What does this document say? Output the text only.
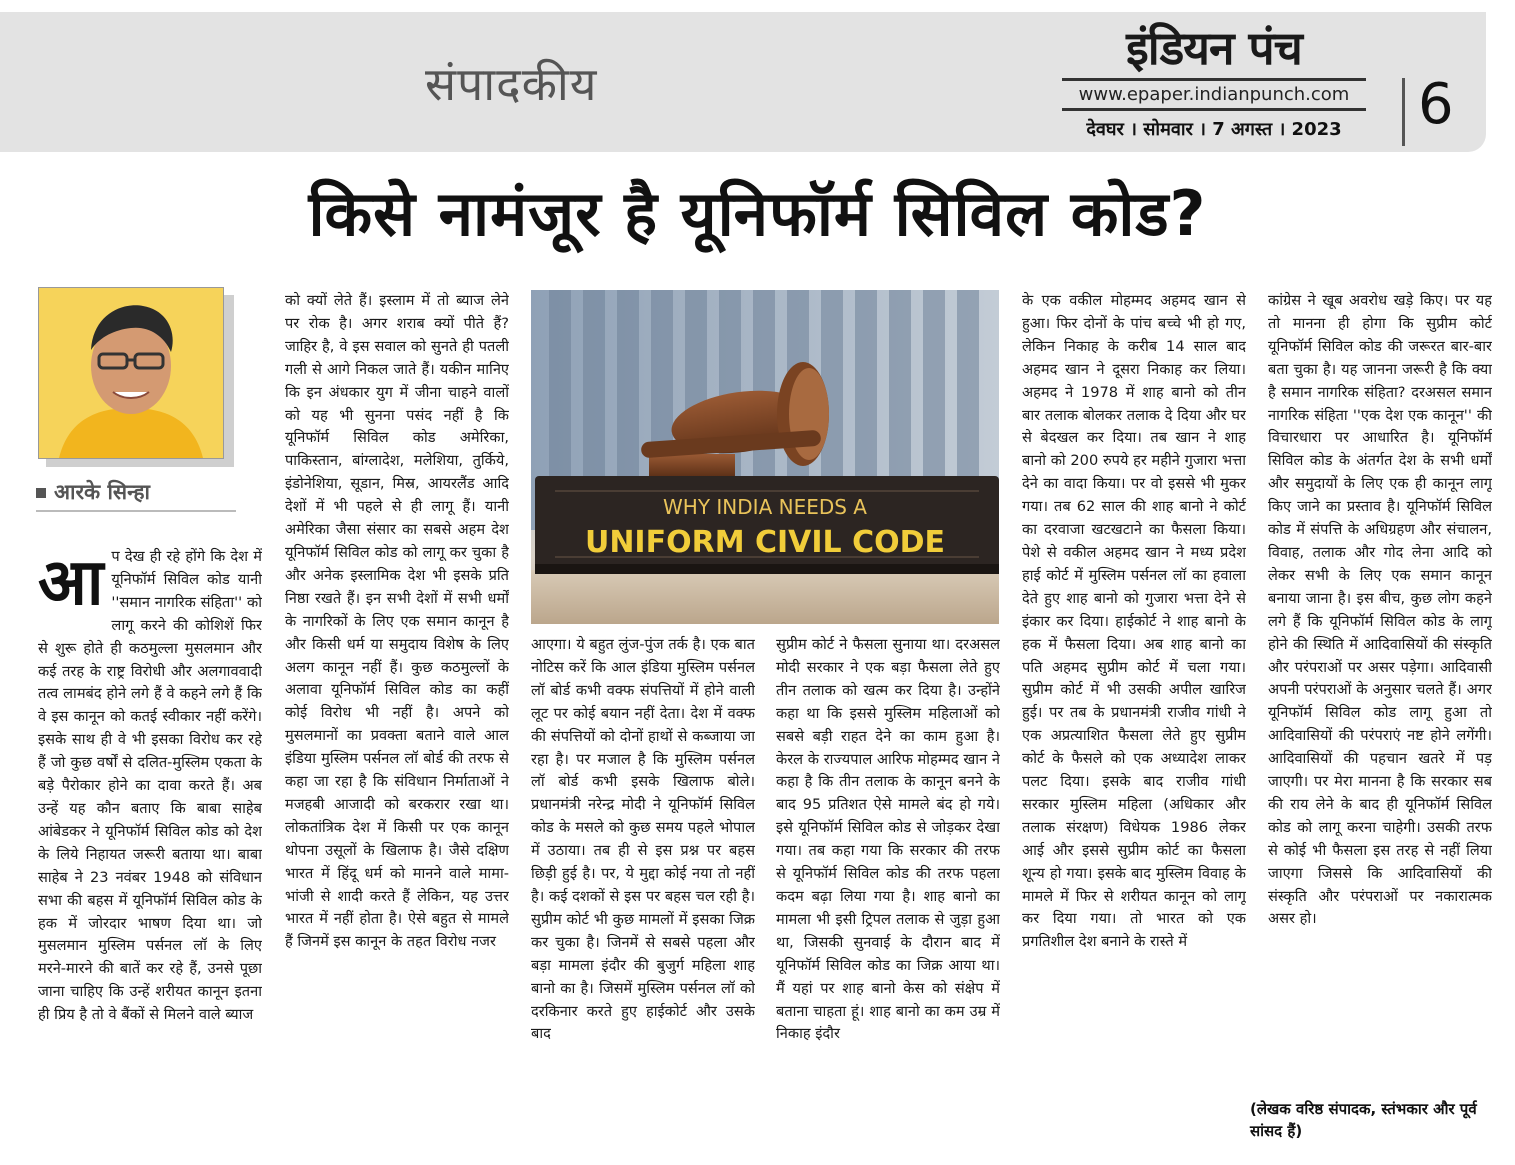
संपादकीय
इंडियन पंच
www.epaper.indianpunch.com
देवघर । सोमवार । 7 अगस्त । 2023	6
किसे नामंजूर है यूनिफॉर्म सिविल कोड?
आरके सिन्हा
आ प देख ही रहे होंगे कि देश में यूनिफॉर्म सिविल कोड यानी ''समान नागरिक संहिता'' को लागू करने की कोशिशें फिर से शुरू होते ही कठमुल्ला मुसलमान और कई तरह के राष्ट्र विरोधी और अलगाववादी तत्व लामबंद होने लगे हैं वे कहने लगे हैं कि वे इस कानून को कतई स्वीकार नहीं करेंगे। इसके साथ ही वे भी इसका विरोध कर रहे हैं जो कुछ वर्षों से दलित-मुस्लिम एकता के बड़े पैरोकार होने का दावा करते हैं। अब उन्हें यह कौन बताए कि बाबा साहेब आंबेडकर ने यूनिफॉर्म सिविल कोड को देश के लिये निहायत जरूरी बताया था। बाबा साहेब ने 23 नवंबर 1948 को संविधान सभा की बहस में यूनिफॉर्म सिविल कोड के हक में जोरदार भाषण दिया था। जो मुसलमान मुस्लिम पर्सनल लॉ के लिए मरने-मारने की बातें कर रहे हैं, उनसे पूछा जाना चाहिए कि उन्हें शरीयत कानून इतना ही प्रिय है तो वे बैंकों से मिलने वाले ब्याज

को क्यों लेते हैं। इस्लाम में तो ब्याज लेने पर रोक है। अगर शराब क्यों पीते हैं? जाहिर है, वे इस सवाल को सुनते ही पतली गली से आगे निकल जाते हैं। यकीन मानिए कि इन अंधकार युग में जीना चाहने वालों को यह भी सुनना पसंद नहीं है कि यूनिफॉर्म सिविल कोड अमेरिका, पाकिस्तान, बांग्लादेश, मलेशिया, तुर्किये, इंडोनेशिया, सूडान, मिस्र, आयरलैंड आदि देशों में भी पहले से ही लागू हैं। यानी अमेरिका जैसा संसार का सबसे अहम देश यूनिफॉर्म सिविल कोड को लागू कर चुका है और अनेक इस्लामिक देश भी इसके प्रति निष्ठा रखते हैं। इन सभी देशों में सभी धर्मों के नागरिकों के लिए एक समान कानून है और किसी धर्म या समुदाय विशेष के लिए अलग कानून नहीं हैं। कुछ कठमुल्लों के अलावा यूनिफॉर्म सिविल कोड का कहीं कोई विरोध भी नहीं है। अपने को मुसलमानों का प्रवक्ता बताने वाले आल इंडिया मुस्लिम पर्सनल लॉ बोर्ड की तरफ से कहा जा रहा है कि संविधान निर्माताओं ने मजहबी आजादी को बरकरार रखा था। लोकतांत्रिक देश में किसी पर एक कानून थोपना उसूलों के खिलाफ है। जैसे दक्षिण भारत में हिंदू धर्म को मानने वाले मामा-भांजी से शादी करते हैं लेकिन, यह उत्तर भारत में नहीं होता है। ऐसे बहुत से मामले हैं जिनमें इस कानून के तहत विरोध नजर

WHY INDIA NEEDS A
UNIFORM CIVIL CODE

आएगा। ये बहुत लुंज-पुंज तर्क है। एक बात नोटिस करें कि आल इंडिया मुस्लिम पर्सनल लॉ बोर्ड कभी वक्फ संपत्तियों में होने वाली लूट पर कोई बयान नहीं देता। देश में वक्फ की संपत्तियों को दोनों हाथों से कब्जाया जा रहा है। पर मजाल है कि मुस्लिम पर्सनल लॉ बोर्ड कभी इसके खिलाफ बोले। प्रधानमंत्री नरेन्द्र मोदी ने यूनिफॉर्म सिविल कोड के मसले को कुछ समय पहले भोपाल में उठाया। तब ही से इस प्रश्न पर बहस छिड़ी हुई है। पर, ये मुद्दा कोई नया तो नहीं है। कई दशकों से इस पर बहस चल रही है। सुप्रीम कोर्ट भी कुछ मामलों में इसका जिक्र कर चुका है। जिनमें से सबसे पहला और बड़ा मामला इंदौर की बुजुर्ग महिला शाह बानो का है। जिसमें मुस्लिम पर्सनल लॉ को दरकिनार करते हुए हाईकोर्ट और उसके बाद

सुप्रीम कोर्ट ने फैसला सुनाया था। दरअसल मोदी सरकार ने एक बड़ा फैसला लेते हुए तीन तलाक को खत्म कर दिया है। उन्होंने कहा था कि इससे मुस्लिम महिलाओं को सबसे बड़ी राहत देने का काम हुआ है। केरल के राज्यपाल आरिफ मोहम्मद खान ने कहा है कि तीन तलाक के कानून बनने के बाद 95 प्रतिशत ऐसे मामले बंद हो गये। इसे यूनिफॉर्म सिविल कोड से जोड़कर देखा गया। तब कहा गया कि सरकार की तरफ से यूनिफॉर्म सिविल कोड की तरफ पहला कदम बढ़ा लिया गया है। शाह बानो का मामला भी इसी ट्रिपल तलाक से जुड़ा हुआ था, जिसकी सुनवाई के दौरान बाद में यूनिफॉर्म सिविल कोड का जिक्र आया था। मैं यहां पर शाह बानो केस को संक्षेप में बताना चाहता हूं। शाह बानो का कम उम्र में निकाह इंदौर

के एक वकील मोहम्मद अहमद खान से हुआ। फिर दोनों के पांच बच्चे भी हो गए, लेकिन निकाह के करीब 14 साल बाद अहमद खान ने दूसरा निकाह कर लिया। अहमद ने 1978 में शाह बानो को तीन बार तलाक बोलकर तलाक दे दिया और घर से बेदखल कर दिया। तब खान ने शाह बानो को 200 रुपये हर महीने गुजारा भत्ता देने का वादा किया। पर वो इससे भी मुकर गया। तब 62 साल की शाह बानो ने कोर्ट का दरवाजा खटखटाने का फैसला किया। पेशे से वकील अहमद खान ने मध्य प्रदेश हाई कोर्ट में मुस्लिम पर्सनल लॉ का हवाला देते हुए शाह बानो को गुजारा भत्ता देने से इंकार कर दिया। हाईकोर्ट ने शाह बानो के हक में फैसला दिया। अब शाह बानो का पति अहमद सुप्रीम कोर्ट में चला गया। सुप्रीम कोर्ट में भी उसकी अपील खारिज हुई। पर तब के प्रधानमंत्री राजीव गांधी ने एक अप्रत्याशित फैसला लेते हुए सुप्रीम कोर्ट के फैसले को एक अध्यादेश लाकर पलट दिया। इसके बाद राजीव गांधी सरकार मुस्लिम महिला (अधिकार और तलाक संरक्षण) विधेयक 1986 लेकर आई और इससे सुप्रीम कोर्ट का फैसला शून्य हो गया। इसके बाद मुस्लिम विवाह के मामले में फिर से शरीयत कानून को लागू कर दिया गया। तो भारत को एक प्रगतिशील देश बनाने के रास्ते में

कांग्रेस ने खूब अवरोध खड़े किए। पर यह तो मानना ही होगा कि सुप्रीम कोर्ट यूनिफॉर्म सिविल कोड की जरूरत बार-बार बता चुका है। यह जानना जरूरी है कि क्या है समान नागरिक संहिता? दरअसल समान नागरिक संहिता ''एक देश एक कानून'' की विचारधारा पर आधारित है। यूनिफॉर्म सिविल कोड के अंतर्गत देश के सभी धर्मों और समुदायों के लिए एक ही कानून लागू किए जाने का प्रस्ताव है। यूनिफॉर्म सिविल कोड में संपत्ति के अधिग्रहण और संचालन, विवाह, तलाक और गोद लेना आदि को लेकर सभी के लिए एक समान कानून बनाया जाना है। इस बीच, कुछ लोग कहने लगे हैं कि यूनिफॉर्म सिविल कोड के लागू होने की स्थिति में आदिवासियों की संस्कृति और परंपराओं पर असर पड़ेगा। आदिवासी अपनी परंपराओं के अनुसार चलते हैं। अगर यूनिफॉर्म सिविल कोड लागू हुआ तो आदिवासियों की परंपराएं नष्ट होने लगेंगी। आदिवासियों की पहचान खतरे में पड़ जाएगी। पर मेरा मानना है कि सरकार सब की राय लेने के बाद ही यूनिफॉर्म सिविल कोड को लागू करना चाहेगी। उसकी तरफ से कोई भी फैसला इस तरह से नहीं लिया जाएगा जिससे कि आदिवासियों की संस्कृति और परंपराओं पर नकारात्मक असर हो।

(लेखक वरिष्ठ संपादक, स्तंभकार और पूर्व सांसद हैं)
